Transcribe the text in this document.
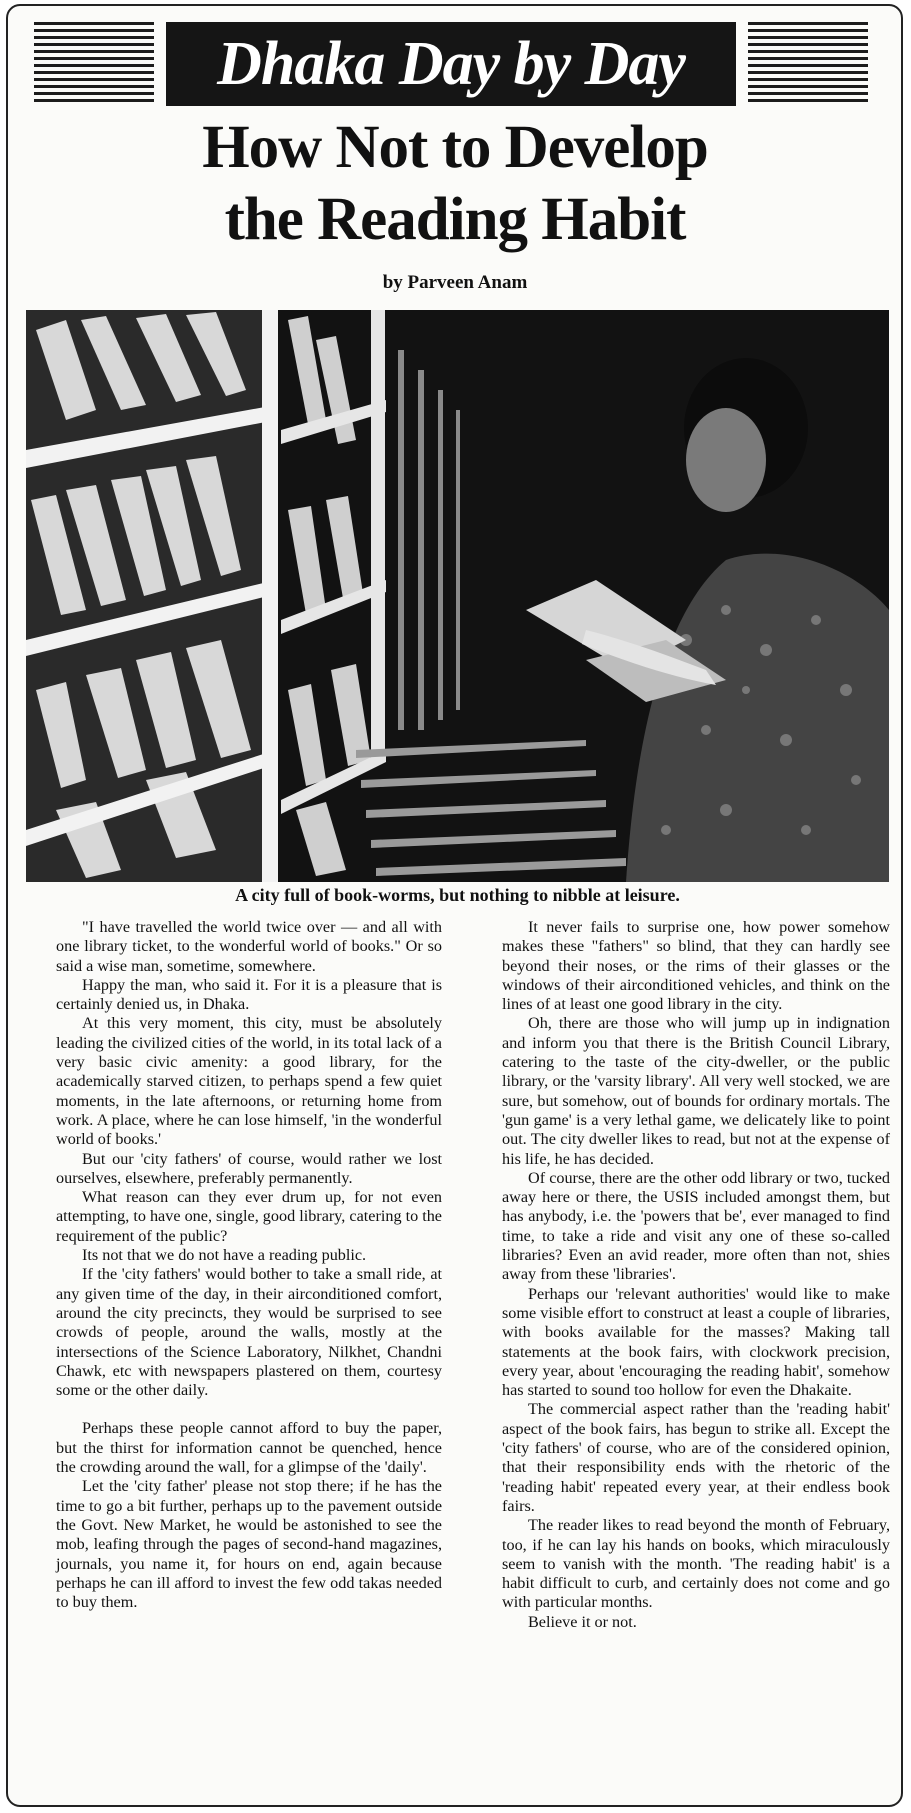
Dhaka Day by Day
How Not to Develop
the Reading Habit
by Parveen Anam
A city full of book-worms, but nothing to nibble at leisure.

"I have travelled the world twice over — and all with one library ticket, to the wonderful world of books." Or so said a wise man, sometime, somewhere.

Happy the man, who said it. For it is a pleasure that is certainly denied us, in Dhaka.

At this very moment, this city, must be absolutely leading the civilized cities of the world, in its total lack of a very basic civic amenity: a good library, for the academically starved citizen, to perhaps spend a few quiet moments, in the late afternoons, or returning home from work. A place, where he can lose himself, 'in the wonderful world of books.'

But our 'city fathers' of course, would rather we lost ourselves, elsewhere, preferably permanently.

What reason can they ever drum up, for not even attempting, to have one, single, good library, catering to the requirement of the public?

Its not that we do not have a reading public.

If the 'city fathers' would bother to take a small ride, at any given time of the day, in their airconditioned comfort, around the city precincts, they would be surprised to see crowds of people, around the walls, mostly at the intersections of the Science Laboratory, Nilkhet, Chandni Chawk, etc with newspapers plastered on them, courtesy some or the other daily.

Perhaps these people cannot afford to buy the paper, but the thirst for information cannot be quenched, hence the crowding around the wall, for a glimpse of the 'daily'.

Let the 'city father' please not stop there; if he has the time to go a bit further, perhaps up to the pavement outside the Govt. New Market, he would be astonished to see the mob, leafing through the pages of second-hand magazines, journals, you name it, for hours on end, again because perhaps he can ill afford to invest the few odd takas needed to buy them.

It never fails to surprise one, how power somehow makes these "fathers" so blind, that they can hardly see beyond their noses, or the rims of their glasses or the windows of their airconditioned vehicles, and think on the lines of at least one good library in the city.

Oh, there are those who will jump up in indignation and inform you that there is the British Council Library, catering to the taste of the city-dweller, or the public library, or the 'varsity library'. All very well stocked, we are sure, but somehow, out of bounds for ordinary mortals. The 'gun game' is a very lethal game, we delicately like to point out. The city dweller likes to read, but not at the expense of his life, he has decided.

Of course, there are the other odd library or two, tucked away here or there, the USIS included amongst them, but has anybody, i.e. the 'powers that be', ever managed to find time, to take a ride and visit any one of these so-called libraries? Even an avid reader, more often than not, shies away from these 'libraries'.

Perhaps our 'relevant authorities' would like to make some visible effort to construct at least a couple of libraries, with books available for the masses? Making tall statements at the book fairs, with clockwork precision, every year, about 'encouraging the reading habit', somehow has started to sound too hollow for even the Dhakaite.

The commercial aspect rather than the 'reading habit' aspect of the book fairs, has begun to strike all. Except the 'city fathers' of course, who are of the considered opinion, that their responsibility ends with the rhetoric of the 'reading habit' repeated every year, at their endless book fairs.

The reader likes to read beyond the month of February, too, if he can lay his hands on books, which miraculously seem to vanish with the month. 'The reading habit' is a habit difficult to curb, and certainly does not come and go with particular months.

Believe it or not.
